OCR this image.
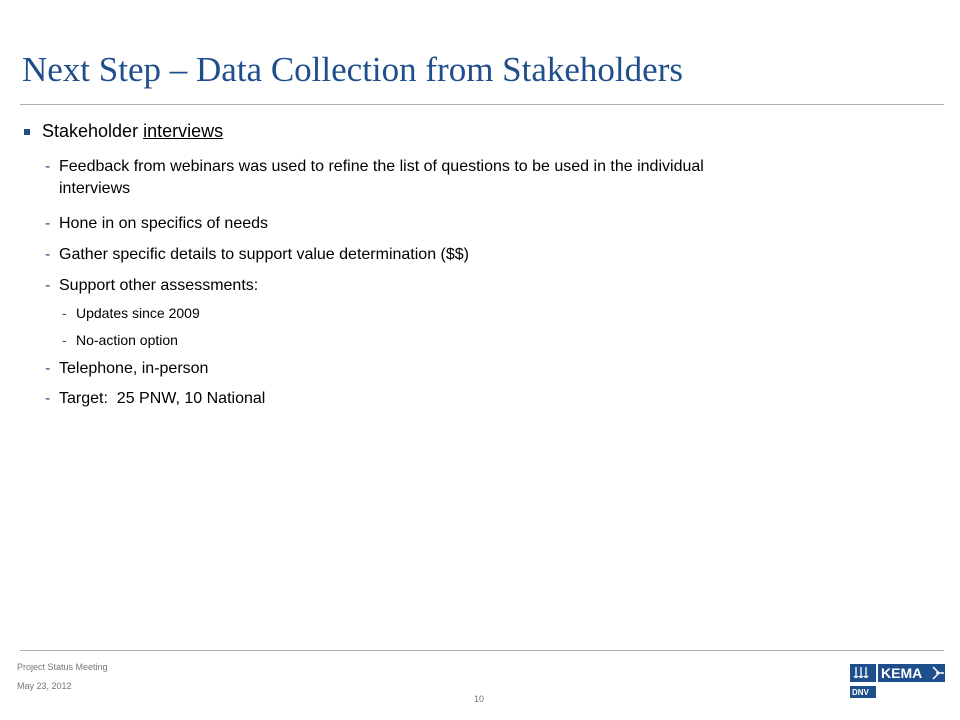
Next Step – Data Collection from Stakeholders
Stakeholder interviews
- Feedback from webinars was used to refine the list of questions to be used in the individual
interviews
- Hone in on specifics of needs
- Gather specific details to support value determination ($$)
- Support other assessments:
- Updates since 2009
- No-action option
- Telephone, in-person
- Target:  25 PNW, 10 National
Project Status Meeting
May 23, 2012
10
KEMA
DNV
